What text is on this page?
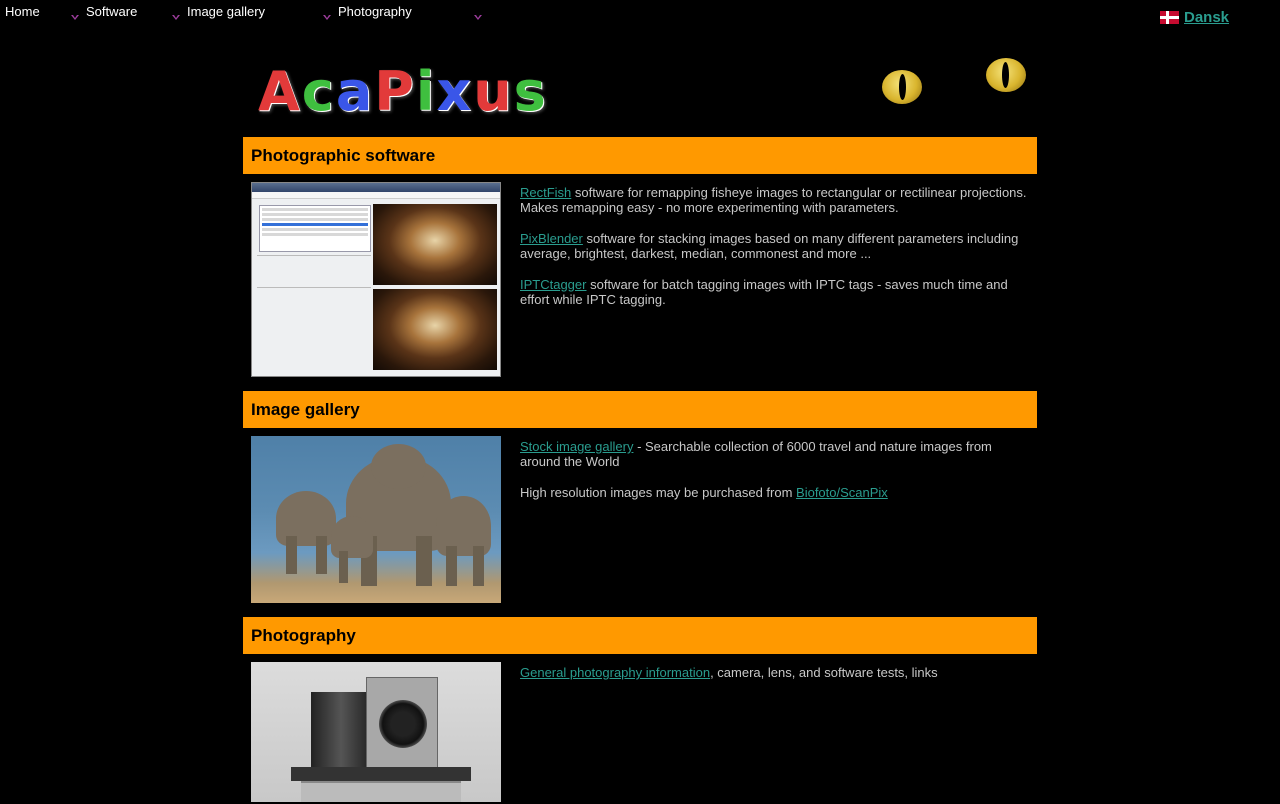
Home	Software	Image gallery	Photography	Dansk
A c a P i x u s
Photographic software

RectFish software for remapping fisheye images to rectangular or rectilinear projections. Makes remapping easy - no more experimenting with parameters.

PixBlender software for stacking images based on many different parameters including average, brightest, darkest, median, commonest and more ...

IPTCtagger software for batch tagging images with IPTC tags - saves much time and effort while IPTC tagging.

Image gallery

Stock image gallery - Searchable collection of 6000 travel and nature images from around the World

High resolution images may be purchased from Biofoto/ScanPix

Photography

General photography information, camera, lens, and software tests, links
